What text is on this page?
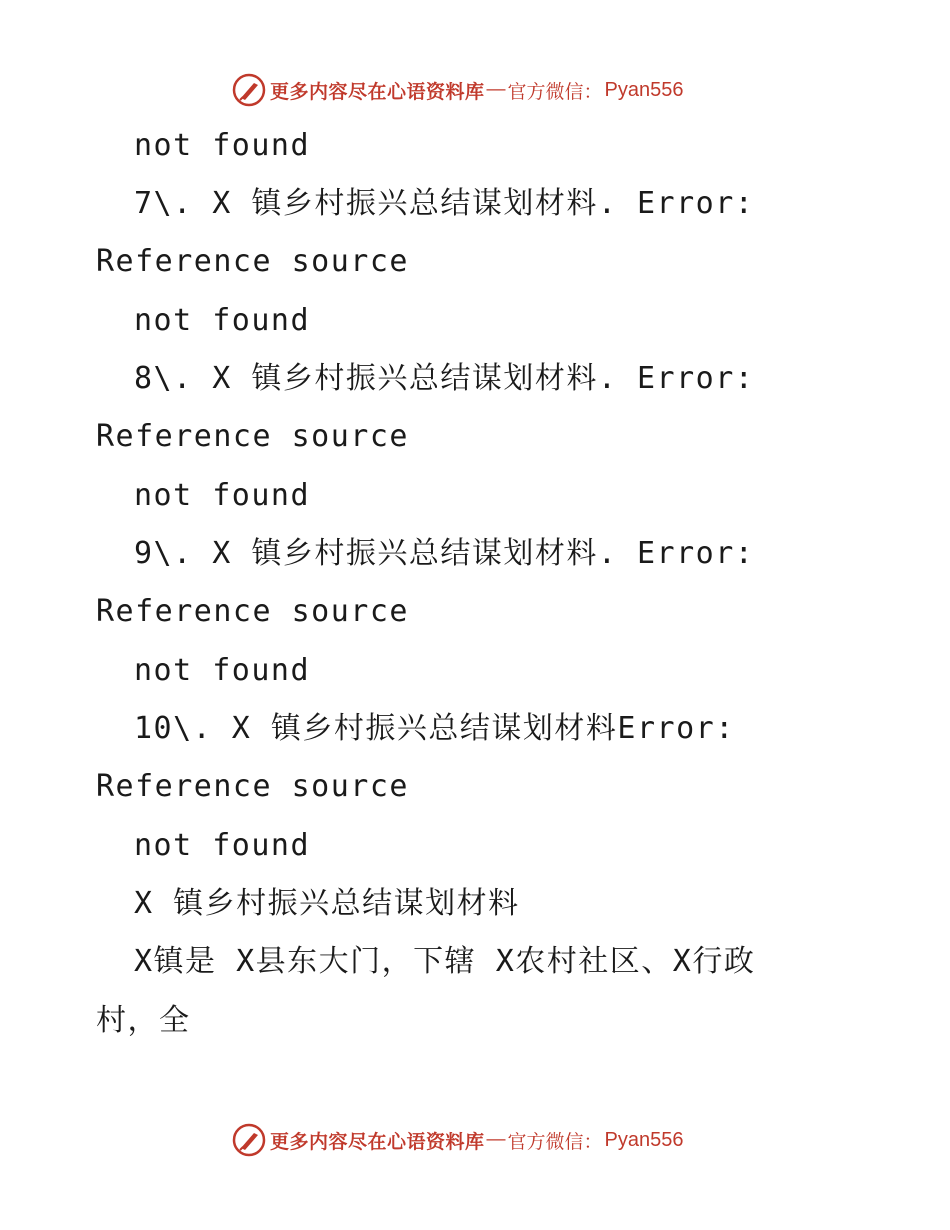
更多内容尽在心语资料库 — 官方微信： Pyan556
not found
7\. X 镇乡村振兴总结谋划材料. Error:
Reference source
not found
8\. X 镇乡村振兴总结谋划材料. Error:
Reference source
not found
9\. X 镇乡村振兴总结谋划材料. Error:
Reference source
not found
10\. X 镇乡村振兴总结谋划材料Error:
Reference source
not found
X 镇乡村振兴总结谋划材料
X镇是 X县东大门，下辖 X农村社区、X行政
村，全
更多内容尽在心语资料库 — 官方微信： Pyan556
